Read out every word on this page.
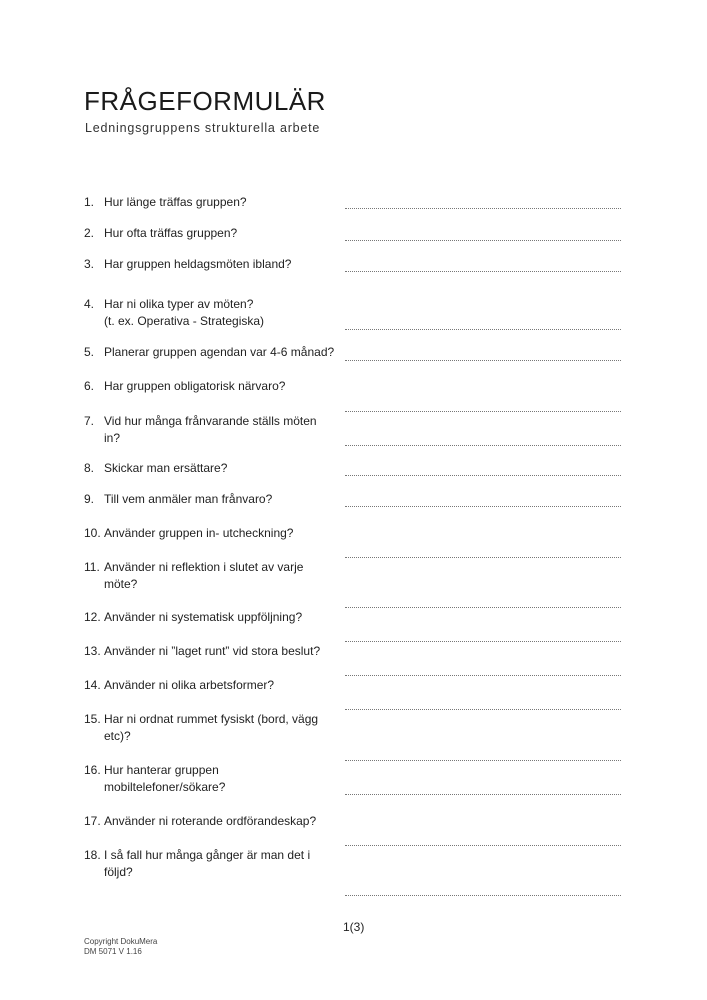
FRÅGEFORMULÄR
Ledningsgruppens strukturella arbete
1. Hur länge träffas gruppen?
2. Hur ofta träffas gruppen?
3. Har gruppen heldagsmöten ibland?
4. Har ni olika typer av möten?
(t. ex. Operativa - Strategiska)
5. Planerar gruppen agendan var 4-6 månad?
6. Har gruppen obligatorisk närvaro?
7. Vid hur många frånvarande ställs möten
in?
8. Skickar man ersättare?
9. Till vem anmäler man frånvaro?
10. Använder gruppen in- utcheckning?
11. Använder ni reflektion i slutet av varje
möte?
12. Använder ni systematisk uppföljning?
13. Använder ni ”laget runt” vid stora beslut?
14. Använder ni olika arbetsformer?
15. Har ni ordnat rummet fysiskt (bord, vägg
etc)?
16. Hur hanterar gruppen
mobiltelefoner/sökare?
17. Använder ni roterande ordförandeskap?
18. I så fall hur många gånger är man det i
följd?
1(3)
Copyright DokuMera
DM 5071 V 1.16
